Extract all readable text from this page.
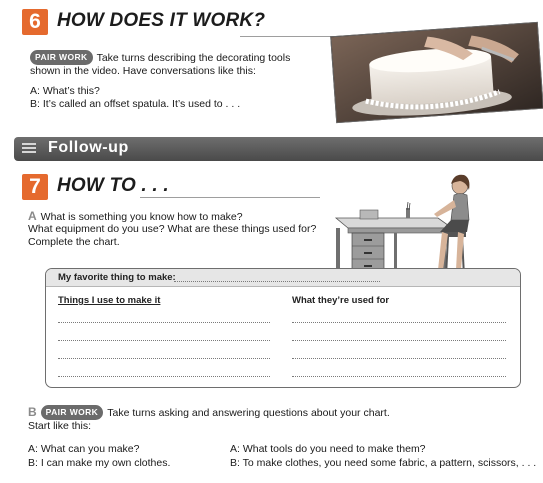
6 HOW DOES IT WORK?
PAIR WORK Take turns describing the decorating tools shown in the video. Have conversations like this:
A: What’s this?
B: It’s called an offset spatula. It’s used to . . .
Follow-up
7 HOW TO . . .
A What is something you know how to make?
What equipment do you use? What are these things used for?
Complete the chart.
My favorite thing to make:
Things I use to make it	What they’re used for
B PAIR WORK Take turns asking and answering questions about your chart.
Start like this:
A: What can you make?
B: I can make my own clothes.
A: What tools do you need to make them?
B: To make clothes, you need some fabric, a pattern, scissors, . . .
